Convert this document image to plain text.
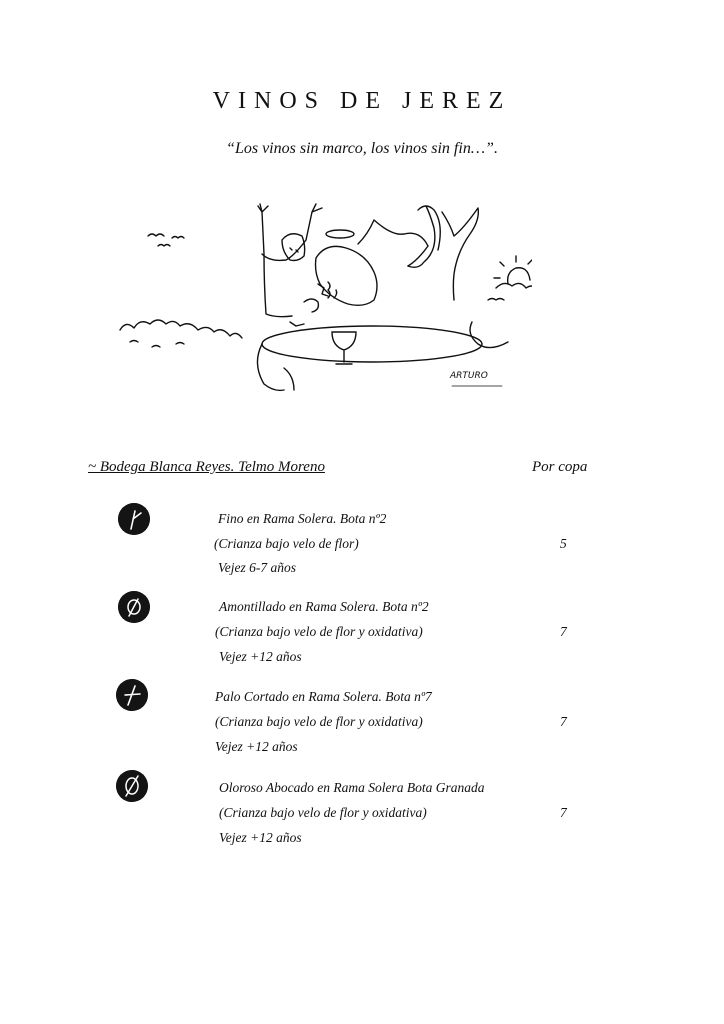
VINOS DE JEREZ
“Los vinos sin marco, los vinos sin fin…”.
ARTURO
~ Bodega Blanca Reyes. Telmo Moreno	Por copa
Fino en Rama Solera. Bota nº2
(Crianza bajo velo de flor)
Vejez 6-7 años
5
Amontillado en Rama Solera. Bota nº2
(Crianza bajo velo de flor y oxidativa)
Vejez +12 años
7
Palo Cortado en Rama Solera. Bota nº7
(Crianza bajo velo de flor y oxidativa)
Vejez +12 años
7
Oloroso Abocado en Rama Solera Bota Granada
(Crianza bajo velo de flor y oxidativa)
Vejez +12 años
7
